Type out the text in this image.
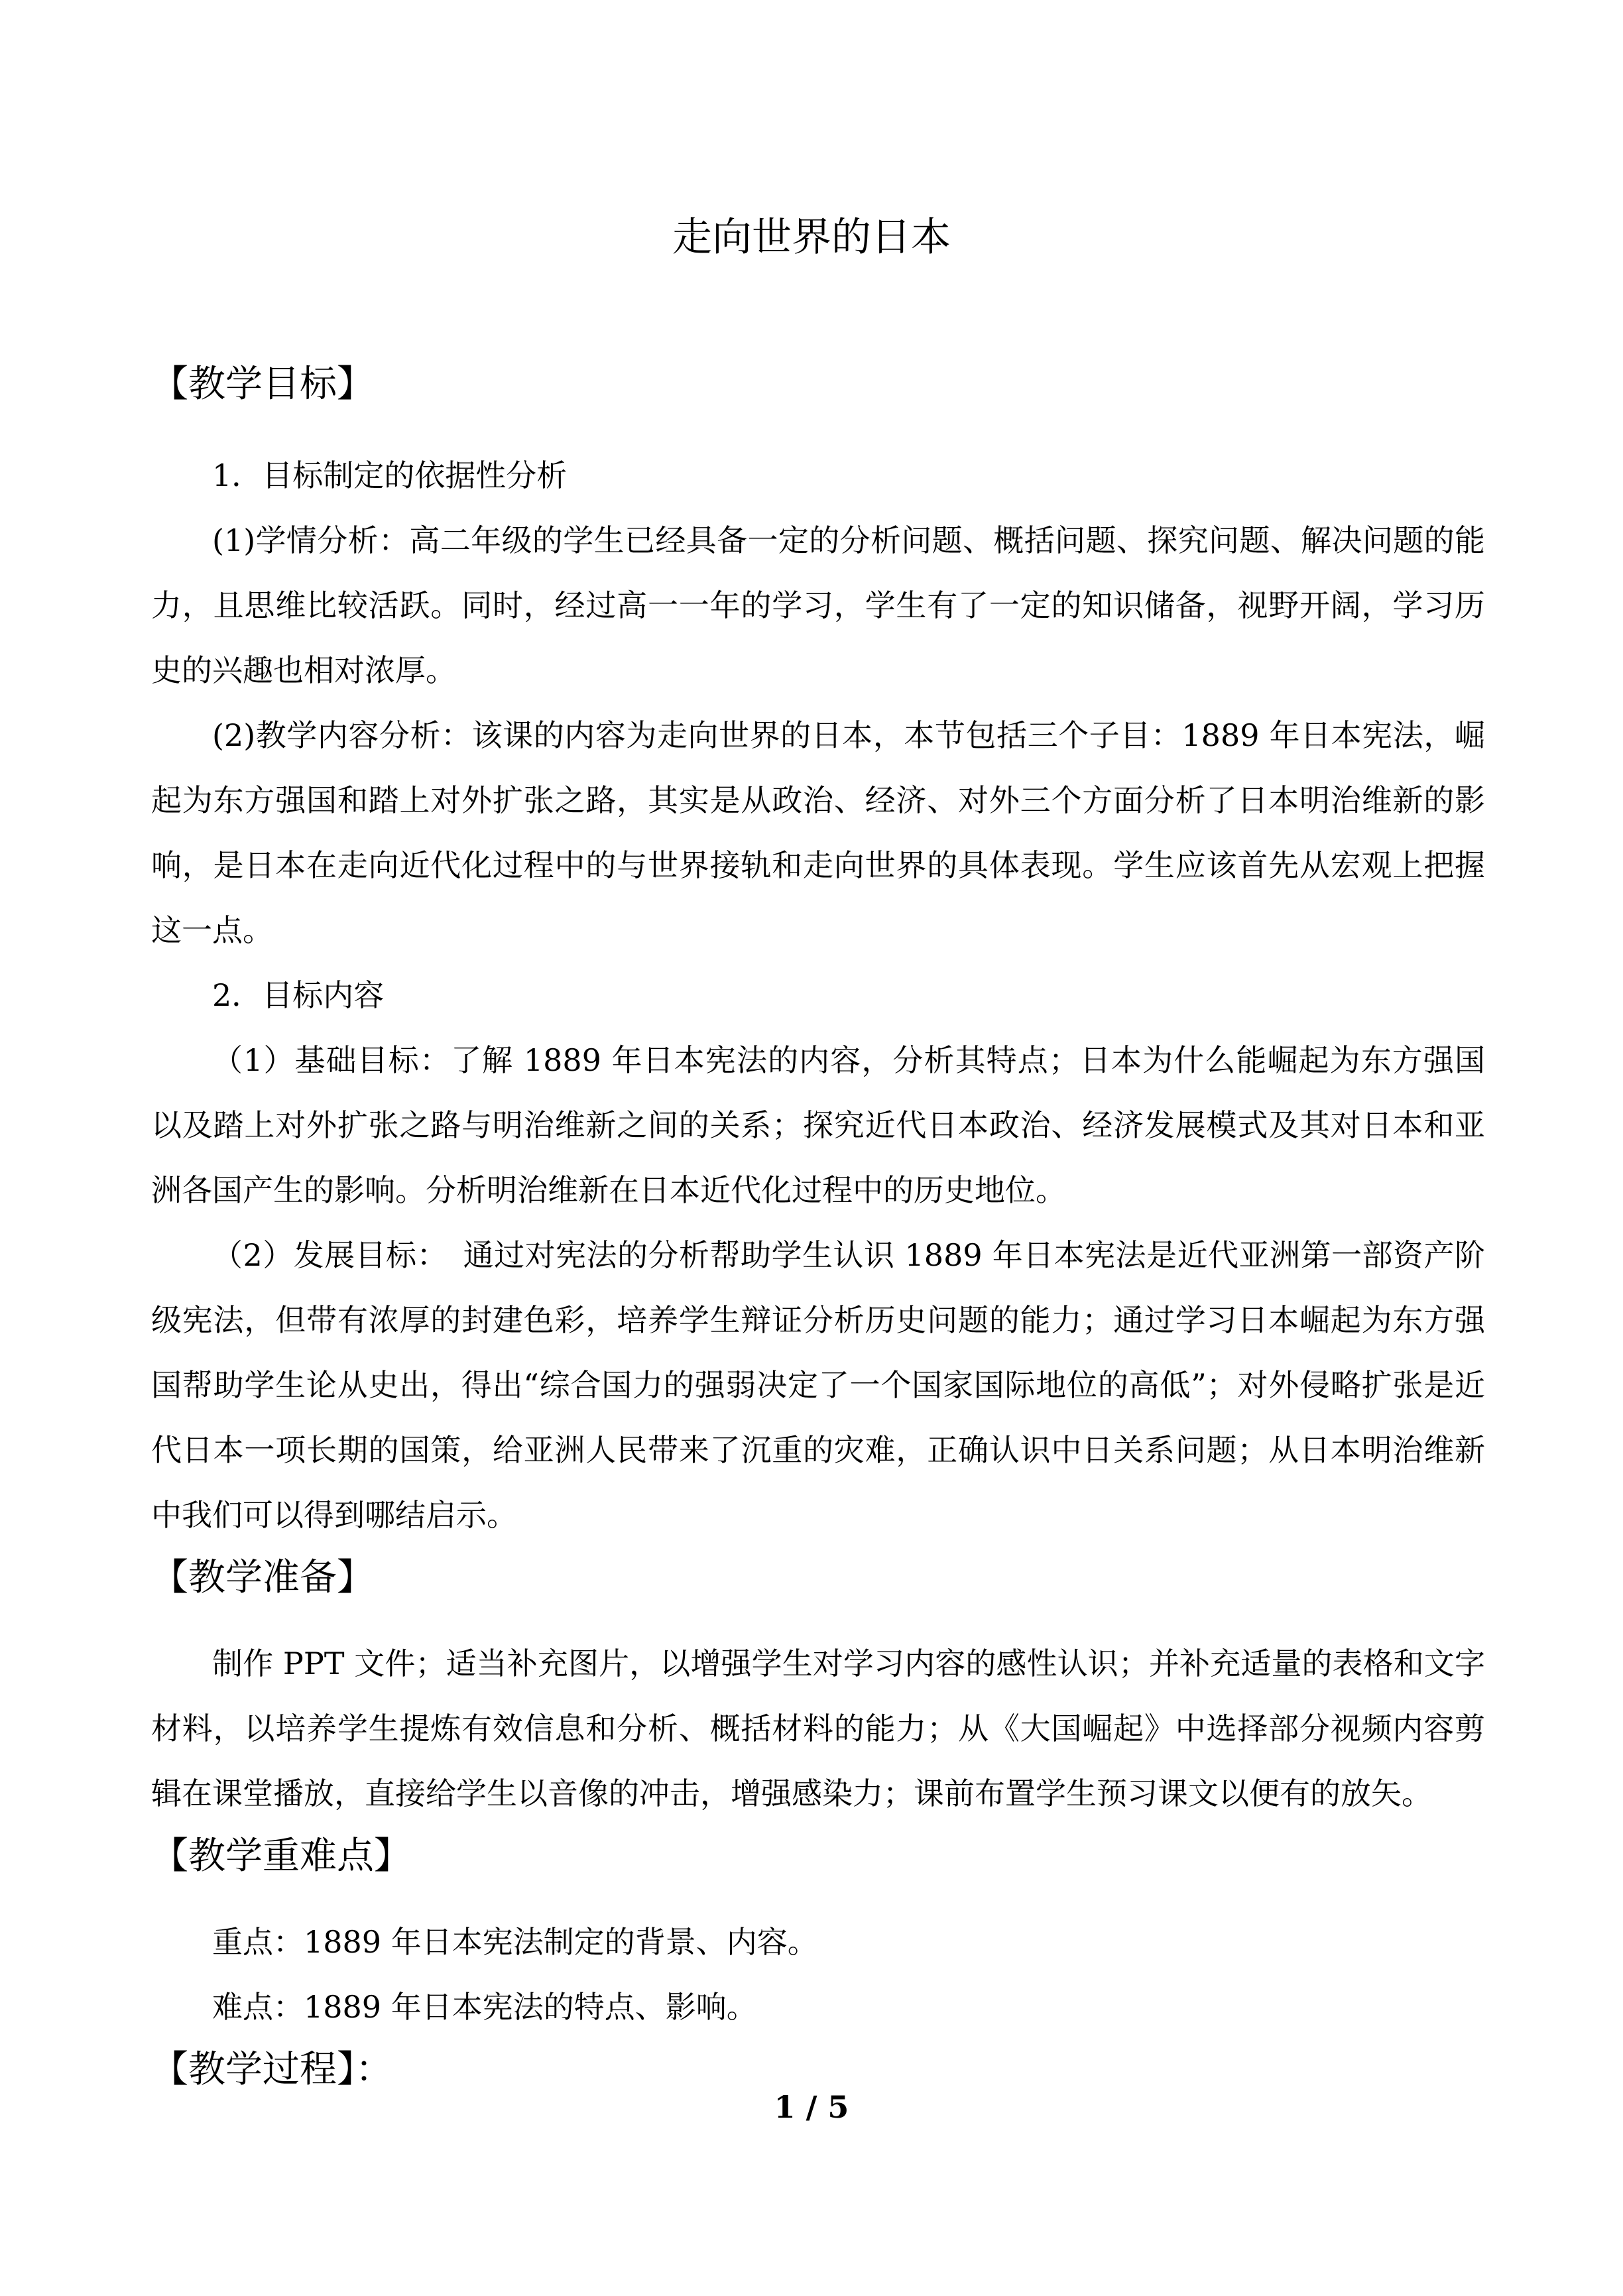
走向世界的日本
【教学目标】

1．目标制定的依据性分析

(1)学情分析：高二年级的学生已经具备一定的分析问题、概括问题、探究问题、解决问题的能力，且思维比较活跃。同时，经过高一一年的学习，学生有了一定的知识储备，视野开阔，学习历史的兴趣也相对浓厚。

(2)教学内容分析：该课的内容为走向世界的日本，本节包括三个子目：1889 年日本宪法，崛起为东方强国和踏上对外扩张之路，其实是从政治、经济、对外三个方面分析了日本明治维新的影响，是日本在走向近代化过程中的与世界接轨和走向世界的具体表现。学生应该首先从宏观上把握这一点。

2．目标内容

（1）基础目标：了解 1889 年日本宪法的内容，分析其特点；日本为什么能崛起为东方强国以及踏上对外扩张之路与明治维新之间的关系；探究近代日本政治、经济发展模式及其对日本和亚洲各国产生的影响。分析明治维新在日本近代化过程中的历史地位。

（2）发展目标：　通过对宪法的分析帮助学生认识 1889 年日本宪法是近代亚洲第一部资产阶级宪法，但带有浓厚的封建色彩，培养学生辩证分析历史问题的能力；通过学习日本崛起为东方强国帮助学生论从史出，得出“综合国力的强弱决定了一个国家国际地位的高低”；对外侵略扩张是近代日本一项长期的国策，给亚洲人民带来了沉重的灾难，正确认识中日关系问题；从日本明治维新中我们可以得到哪结启示。

【教学准备】

制作 PPT 文件；适当补充图片，以增强学生对学习内容的感性认识；并补充适量的表格和文字材料，以培养学生提炼有效信息和分析、概括材料的能力；从《大国崛起》中选择部分视频内容剪辑在课堂播放，直接给学生以音像的冲击，增强感染力；课前布置学生预习课文以便有的放矢。

【教学重难点】

重点：1889 年日本宪法制定的背景、内容。

难点：1889 年日本宪法的特点、影响。

【教学过程】：
1 / 5
